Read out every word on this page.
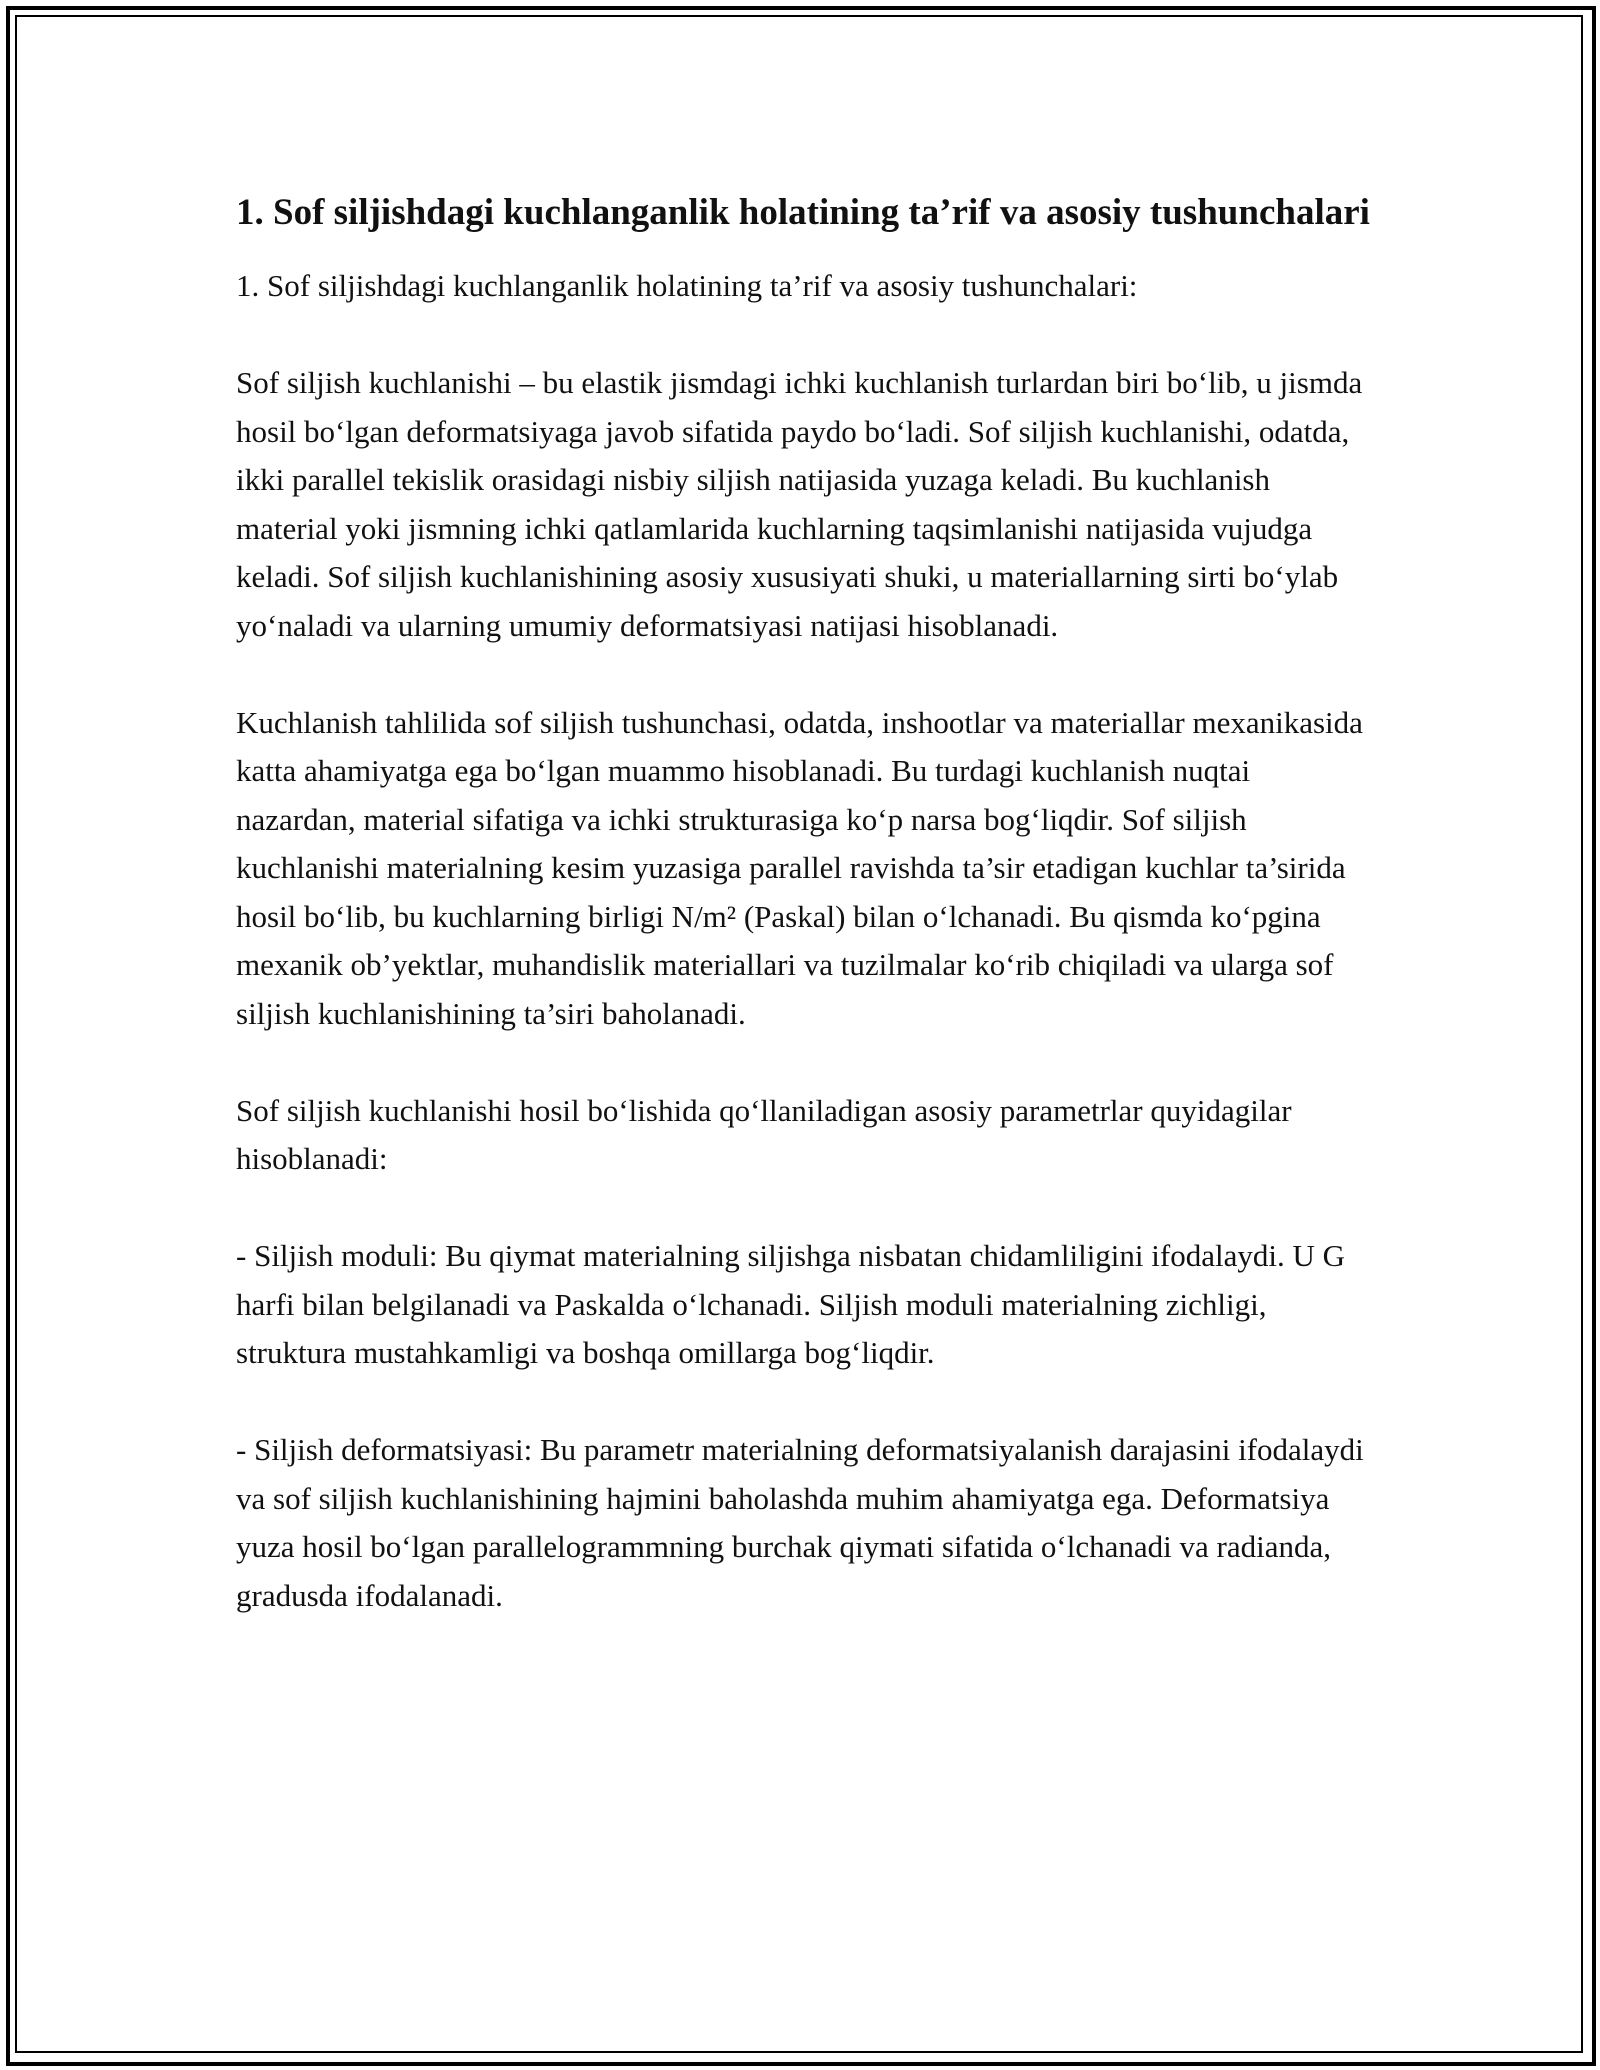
1. Sof siljishdagi kuchlanganlik holatining ta’rif va asosiy tushunchalari

1. Sof siljishdagi kuchlanganlik holatining ta’rif va asosiy tushunchalari:

Sof siljish kuchlanishi – bu elastik jismdagi ichki kuchlanish turlardan biri bo‘lib, u jismda hosil bo‘lgan deformatsiyaga javob sifatida paydo bo‘ladi. Sof siljish kuchlanishi, odatda, ikki parallel tekislik orasidagi nisbiy siljish natijasida yuzaga keladi. Bu kuchlanish material yoki jismning ichki qatlamlarida kuchlarning taqsimlanishi natijasida vujudga keladi. Sof siljish kuchlanishining asosiy xususiyati shuki, u materiallarning sirti bo‘ylab yo‘naladi va ularning umumiy deformatsiyasi natijasi hisoblanadi.

Kuchlanish tahlilida sof siljish tushunchasi, odatda, inshootlar va materiallar mexanikasida katta ahamiyatga ega bo‘lgan muammo hisoblanadi. Bu turdagi kuchlanish nuqtai nazardan, material sifatiga va ichki strukturasiga ko‘p narsa bog‘liqdir. Sof siljish kuchlanishi materialning kesim yuzasiga parallel ravishda ta’sir etadigan kuchlar ta’sirida hosil bo‘lib, bu kuchlarning birligi N/m² (Paskal) bilan o‘lchanadi. Bu qismda ko‘pgina mexanik ob’yektlar, muhandislik materiallari va tuzilmalar ko‘rib chiqiladi va ularga sof siljish kuchlanishining ta’siri baholanadi.

Sof siljish kuchlanishi hosil bo‘lishida qo‘llaniladigan asosiy parametrlar quyidagilar hisoblanadi:

- Siljish moduli: Bu qiymat materialning siljishga nisbatan chidamliligini ifodalaydi. U G harfi bilan belgilanadi va Paskalda o‘lchanadi. Siljish moduli materialning zichligi, struktura mustahkamligi va boshqa omillarga bog‘liqdir.

- Siljish deformatsiyasi: Bu parametr materialning deformatsiyalanish darajasini ifodalaydi va sof siljish kuchlanishining hajmini baholashda muhim ahamiyatga ega. Deformatsiya yuza hosil bo‘lgan parallelogrammning burchak qiymati sifatida o‘lchanadi va radianda, gradusda ifodalanadi.
